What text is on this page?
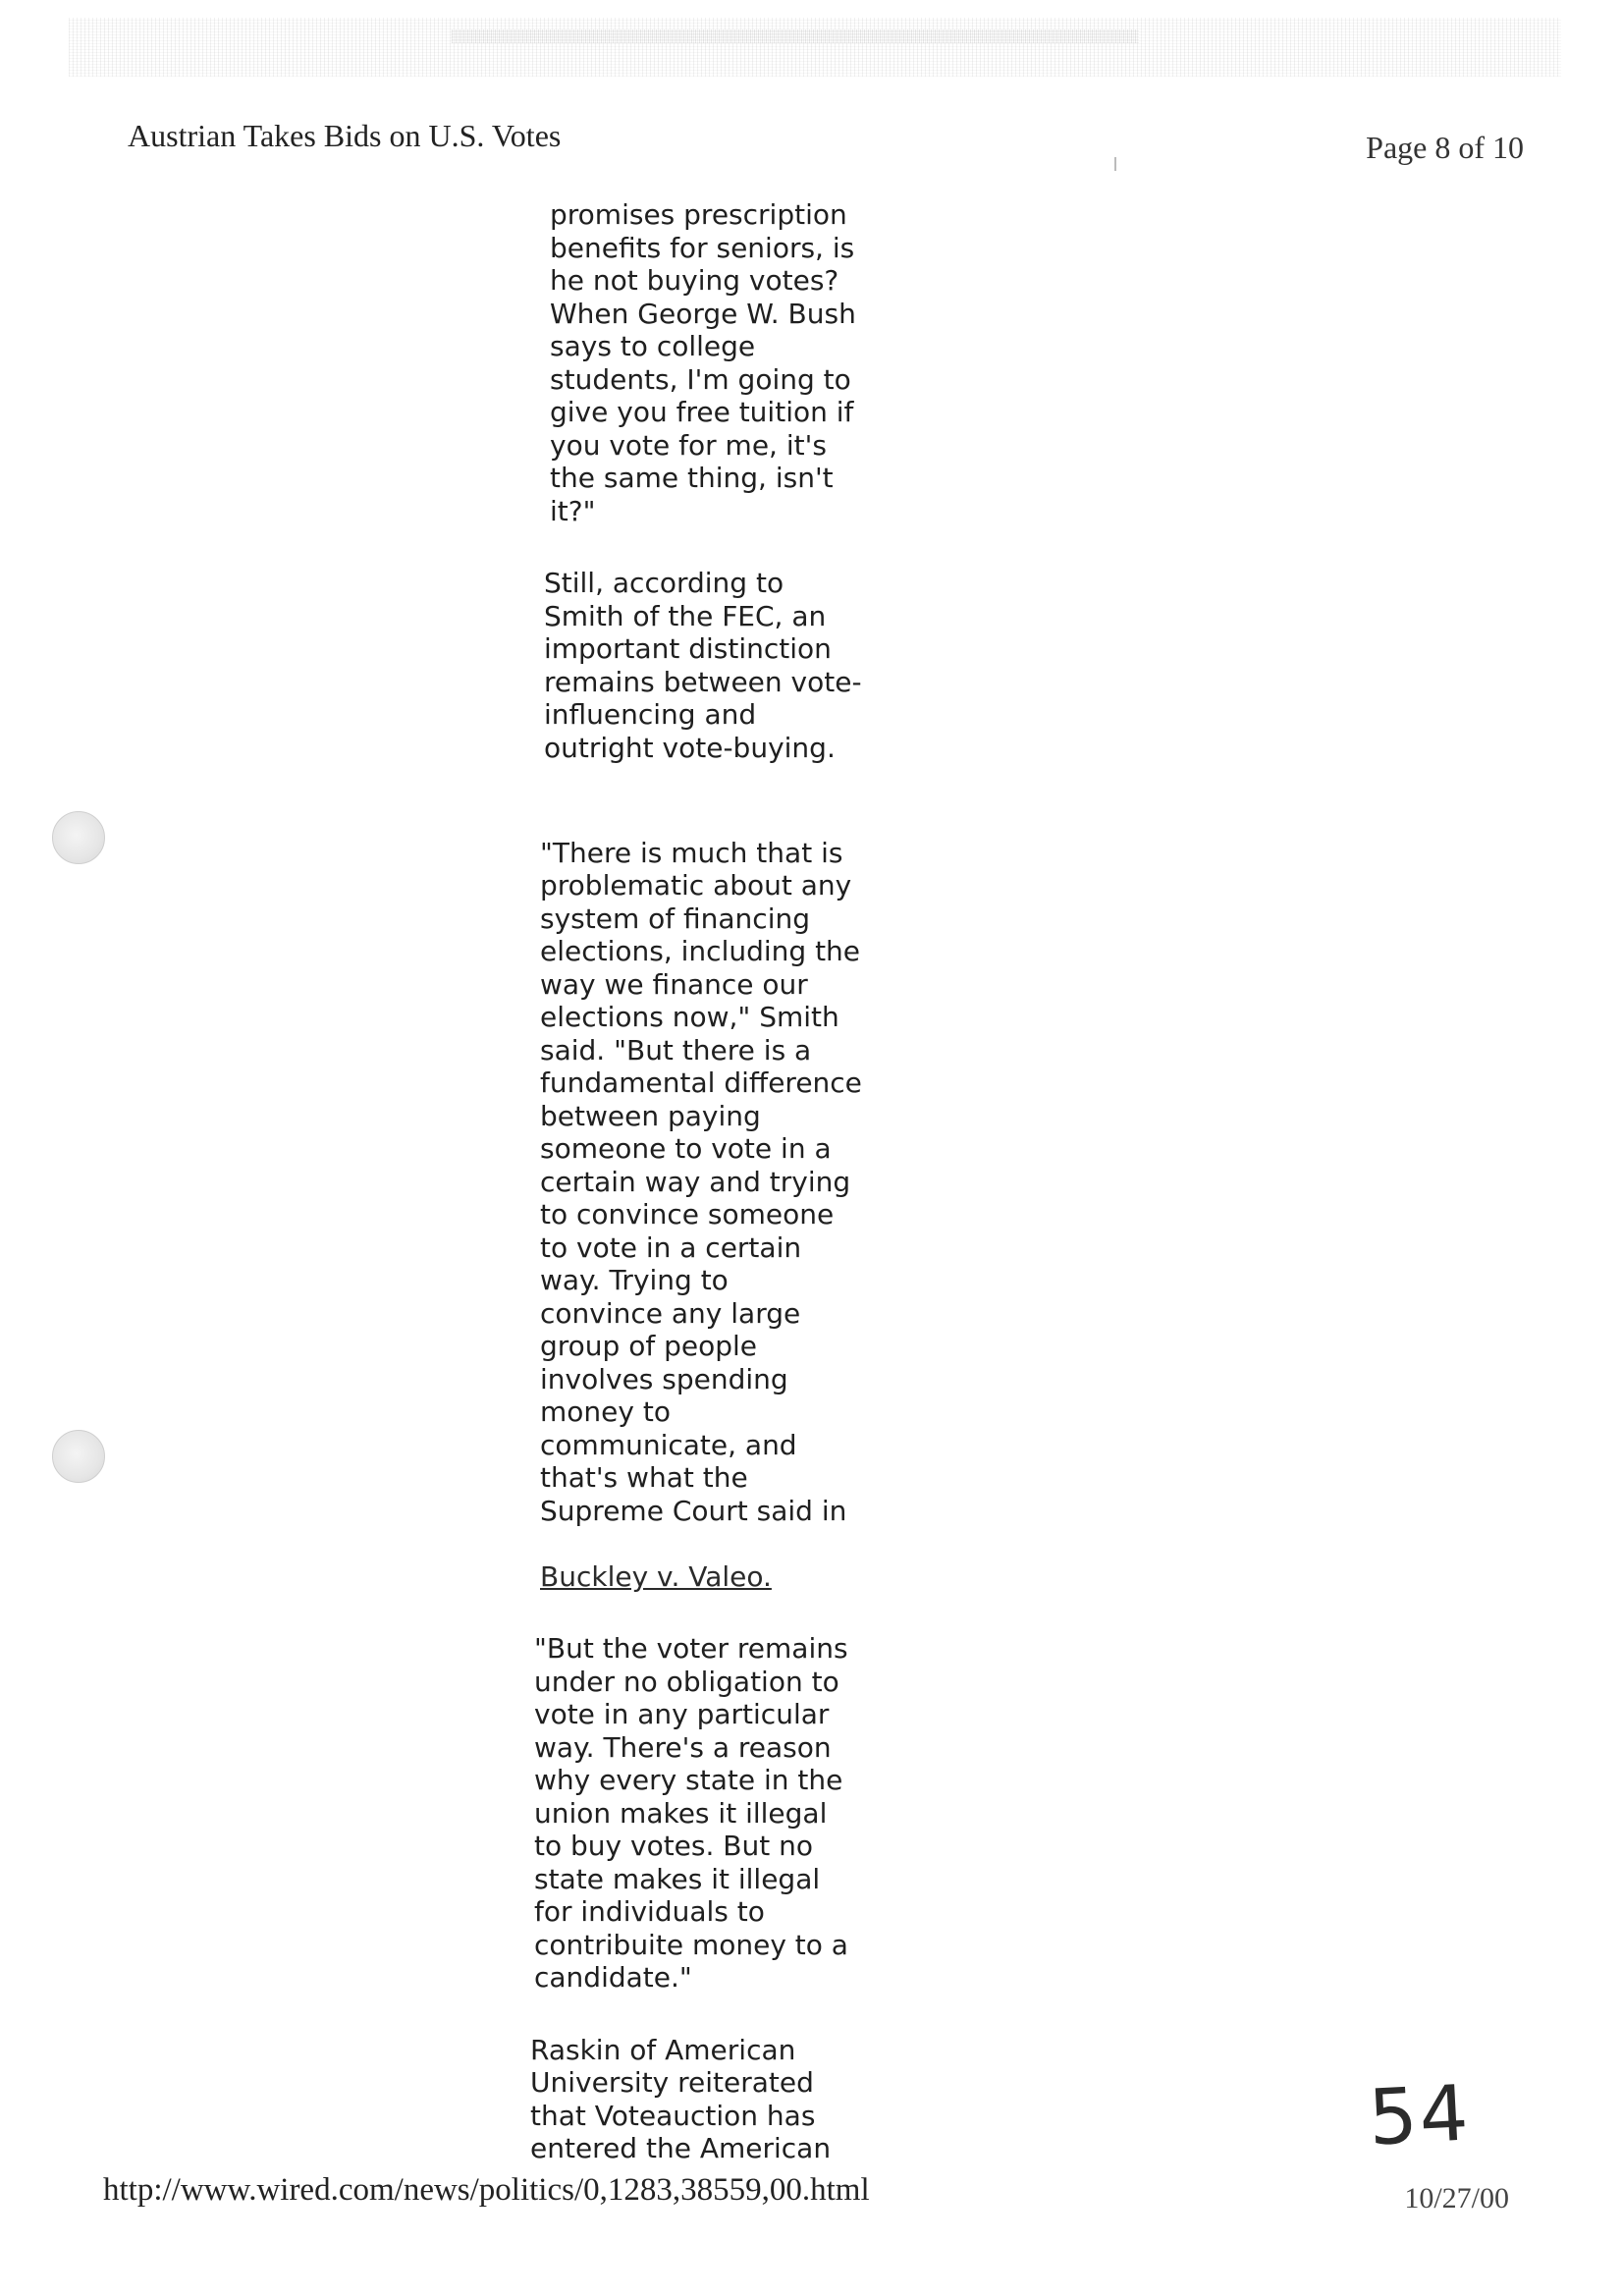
Austrian Takes Bids on U.S. Votes	Page 8 of 10

promises prescription
benefits for seniors, is
he not buying votes?
When George W. Bush
says to college
students, I'm going to
give you free tuition if
you vote for me, it's
the same thing, isn't
it?"

Still, according to
Smith of the FEC, an
important distinction
remains between vote-
influencing and
outright vote-buying.

"There is much that is
problematic about any
system of financing
elections, including the
way we finance our
elections now," Smith
said. "But there is a
fundamental difference
between paying
someone to vote in a
certain way and trying
to convince someone
to vote in a certain
way. Trying to
convince any large
group of people
involves spending
money to
communicate, and
that's what the
Supreme Court said in

Buckley v. Valeo.

"But the voter remains
under no obligation to
vote in any particular
way. There's a reason
why every state in the
union makes it illegal
to buy votes. But no
state makes it illegal
for individuals to
contribuite money to a
candidate."

Raskin of American
University reiterated
that Voteauction has
entered the American	54
http://www.wired.com/news/politics/0,1283,38559,00.html	10/27/00
